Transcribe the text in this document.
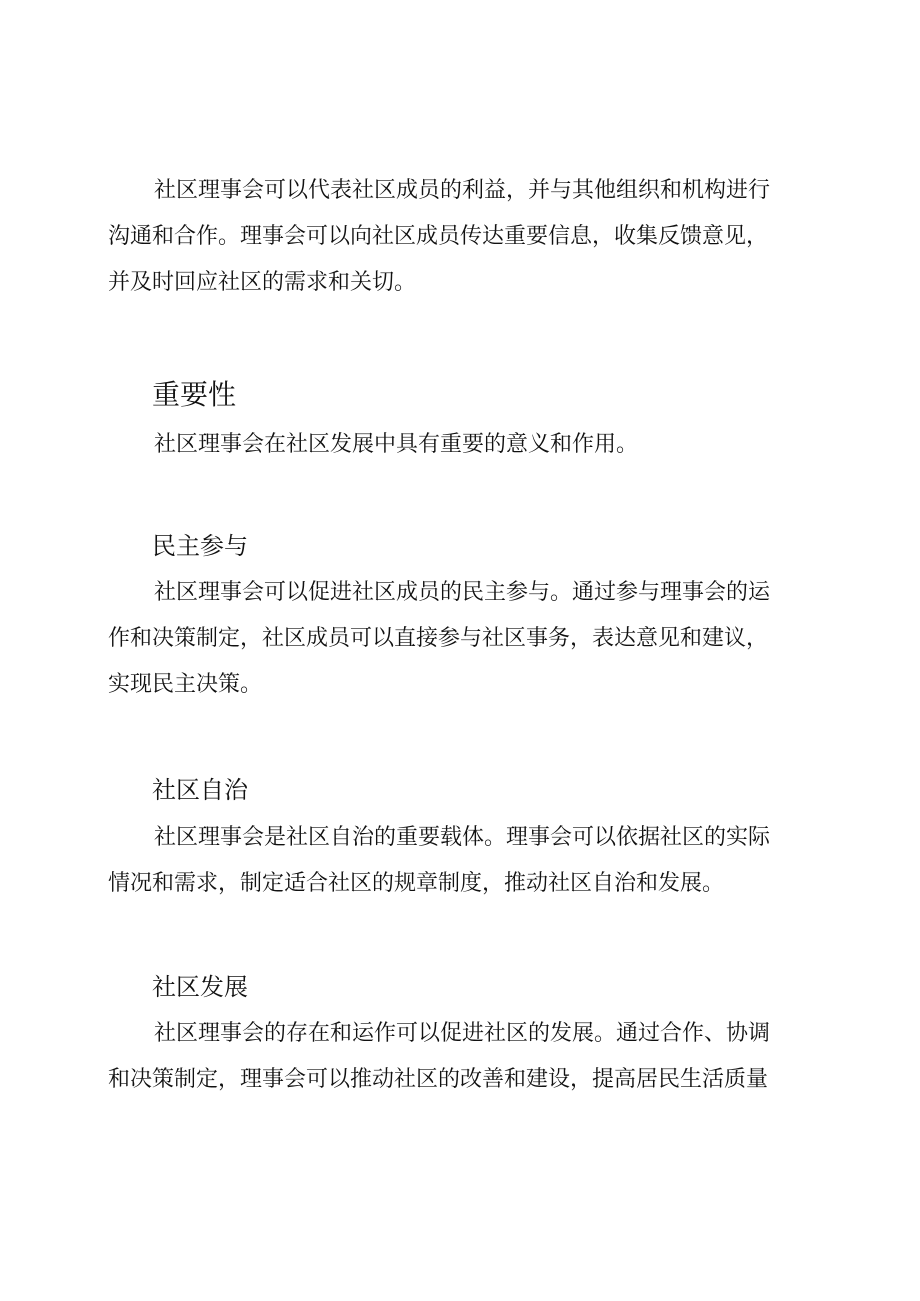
社区理事会可以代表社区成员的利益，并与其他组织和机构进行
沟通和合作。理事会可以向社区成员传达重要信息，收集反馈意见，
并及时回应社区的需求和关切。
重要性
社区理事会在社区发展中具有重要的意义和作用。
民主参与
社区理事会可以促进社区成员的民主参与。通过参与理事会的运
作和决策制定，社区成员可以直接参与社区事务，表达意见和建议，
实现民主决策。
社区自治
社区理事会是社区自治的重要载体。理事会可以依据社区的实际
情况和需求，制定适合社区的规章制度，推动社区自治和发展。
社区发展
社区理事会的存在和运作可以促进社区的发展。通过合作、协调
和决策制定，理事会可以推动社区的改善和建设，提高居民生活质量
